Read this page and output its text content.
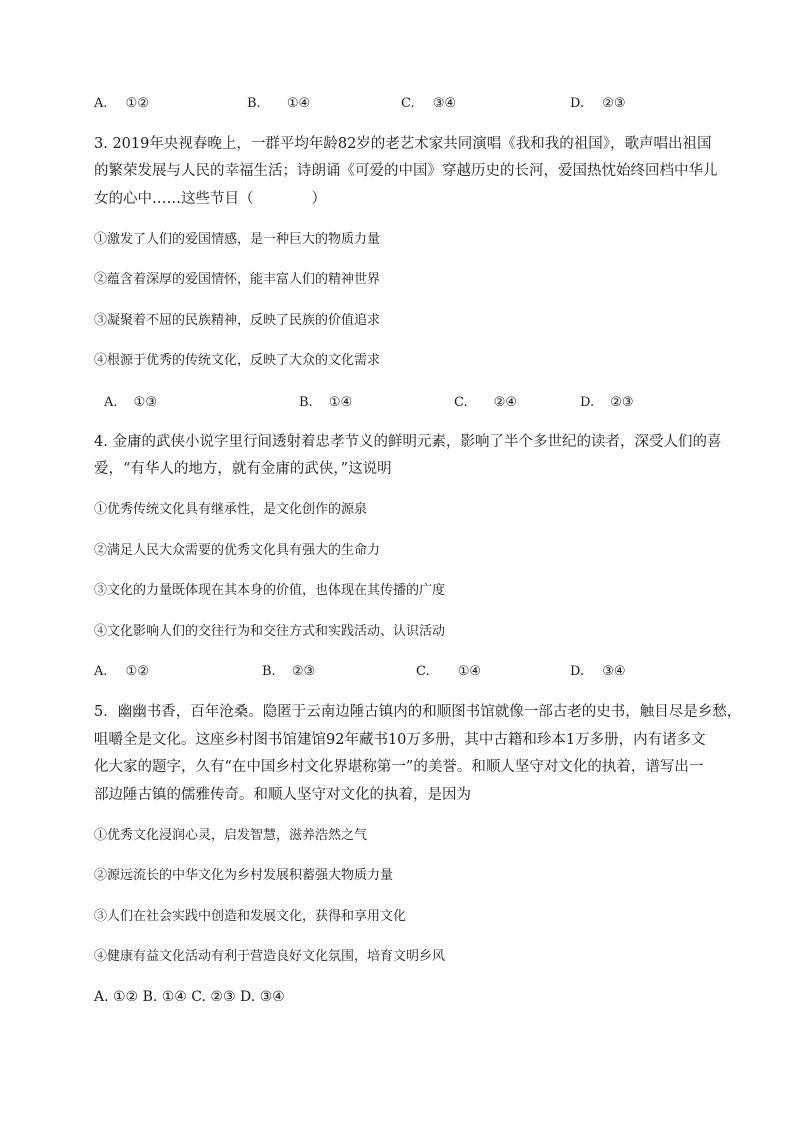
A. ①②	B. ①④	C. ③④	D. ②③
3. 2019年央视春晚上，一群平均年龄82岁的老艺术家共同演唱《我和我的祖国》，歌声唱出祖国
的繁荣发展与人民的幸福生活；诗朗诵《可爱的中国》穿越历史的长河，爱国热忱始终回档中华儿
女的心中……这些节目（　　　　）
①激发了人们的爱国情感，是一种巨大的物质力量
②蕴含着深厚的爱国情怀，能丰富人们的精神世界
③凝聚着不屈的民族精神，反映了民族的价值追求
④根源于优秀的传统文化，反映了大众的文化需求
A. ①③	B. ①④	C. ②④	D. ②③
4. 金庸的武侠小说字里行间透射着忠孝节义的鲜明元素，影响了半个多世纪的读者，深受人们的喜
爱，“有华人的地方，就有金庸的武侠，”这说明
①优秀传统文化具有继承性，是文化创作的源泉
②满足人民大众需要的优秀文化具有强大的生命力
③文化的力量既体现在其本身的价值，也体现在其传播的广度
④文化影响人们的交往行为和交往方式和实践活动、认识活动
A. ①②	B. ②③	C. ①④	D. ③④
5．幽幽书香，百年沧桑。隐匿于云南边陲古镇内的和顺图书馆就像一部古老的史书，触目尽是乡愁，
咀嚼全是文化。这座乡村图书馆建馆92年藏书10万多册，其中古籍和珍本1万多册，内有诸多文
化大家的题字，久有“在中国乡村文化界堪称第一”的美誉。和顺人坚守对文化的执着，谱写出一
部边陲古镇的儒雅传奇。和顺人坚守对文化的执着，是因为
①优秀文化浸润心灵，启发智慧，滋养浩然之气
②源远流长的中华文化为乡村发展积蓄强大物质力量
③人们在社会实践中创造和发展文化，获得和享用文化
④健康有益文化活动有利于营造良好文化氛围，培育文明乡风
A. ①② B. ①④ C. ②③ D. ③④
